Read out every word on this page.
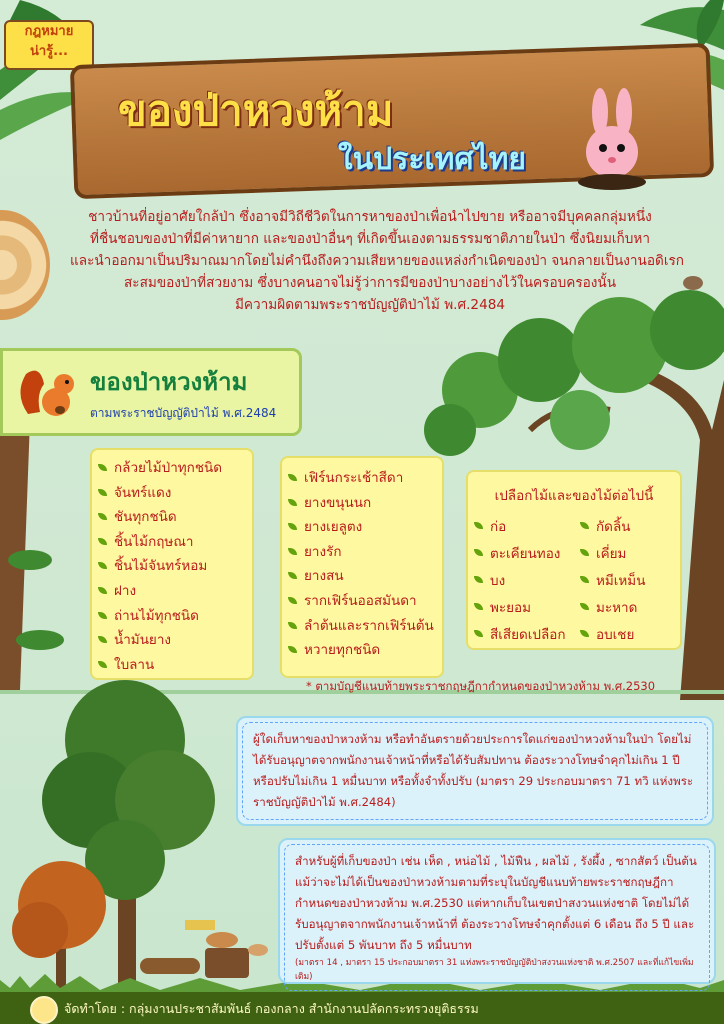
กฎหมาย
น่ารู้...
ของป่าหวงห้าม
ในประเทศไทย
ชาวบ้านที่อยู่อาศัยใกล้ป่า ซึ่งอาจมีวิถีชีวิตในการหาของป่าเพื่อนำไปขาย หรืออาจมีบุคคลกลุ่มหนึ่ง
ที่ชื่นชอบของป่าที่มีค่าหายาก และของป่าอื่นๆ ที่เกิดขึ้นเองตามธรรมชาติภายในป่า ซึ่งนิยมเก็บหา
และนำออกมาเป็นปริมาณมากโดยไม่คำนึงถึงความเสียหายของแหล่งกำเนิดของป่า จนกลายเป็นงานอดิเรก
สะสมของป่าที่สวยงาม ซึ่งบางคนอาจไม่รู้ว่าการมีของป่าบางอย่างไว้ในครอบครองนั้น
มีความผิดตามพระราชบัญญัติป่าไม้ พ.ศ.2484
ของป่าหวงห้าม
ตามพระราชบัญญัติป่าไม้ พ.ศ.2484
กล้วยไม้ป่าทุกชนิด
จันทร์แดง
ชันทุกชนิด
ชิ้นไม้กฤษณา
ชิ้นไม้จันทร์หอม
ฝาง
ถ่านไม้ทุกชนิด
น้ำมันยาง
ใบลาน
เฟิร์นกระเช้าสีดา
ยางขนุนนก
ยางเยลูตง
ยางรัก
ยางสน
รากเฟิร์นออสมันดา
ลำต้นและรากเฟิร์นต้น
หวายทุกชนิด
เปลือกไม้และของไม้ต่อไปนี้
ก่อ
ตะเคียนทอง
บง
พะยอม
สีเสียดเปลือก
กัดลิ้น
เคี่ยม
หมีเหม็น
มะหาด
อบเชย
* ตามบัญชีแนบท้ายพระราชกฤษฎีกากำหนดของป่าหวงห้าม พ.ศ.2530
ผู้ใดเก็บหาของป่าหวงห้าม หรือทำอันตรายด้วยประการใดแก่ของป่าหวงห้ามในป่า โดยไม่ได้รับอนุญาตจากพนักงานเจ้าหน้าที่หรือได้รับสัมปทาน ต้องระวางโทษจำคุกไม่เกิน 1 ปี หรือปรับไม่เกิน 1 หมื่นบาท หรือทั้งจำทั้งปรับ (มาตรา 29 ประกอบมาตรา 71 ทวิ แห่งพระราชบัญญัติป่าไม้ พ.ศ.2484)
สำหรับผู้ที่เก็บของป่า เช่น เห็ด , หน่อไม้ , ไม้ฟืน , ผลไม้ , รังผึ้ง , ซากสัตว์ เป็นต้น แม้ว่าจะไม่ได้เป็นของป่าหวงห้ามตามที่ระบุในบัญชีแนบท้ายพระราชกฤษฎีกากำหนดของป่าหวงห้าม พ.ศ.2530 แต่หากเก็บในเขตป่าสงวนแห่งชาติ โดยไม่ได้รับอนุญาตจากพนักงานเจ้าหน้าที่ ต้องระวางโทษจำคุกตั้งแต่ 6 เดือน ถึง 5 ปี และปรับตั้งแต่ 5 พันบาท ถึง 5 หมื่นบาท
(มาตรา 14 , มาตรา 15 ประกอบมาตรา 31 แห่งพระราชบัญญัติป่าสงวนแห่งชาติ พ.ศ.2507 และที่แก้ไขเพิ่มเติม)
จัดทำโดย : กลุ่มงานประชาสัมพันธ์ กองกลาง สำนักงานปลัดกระทรวงยุติธรรม
